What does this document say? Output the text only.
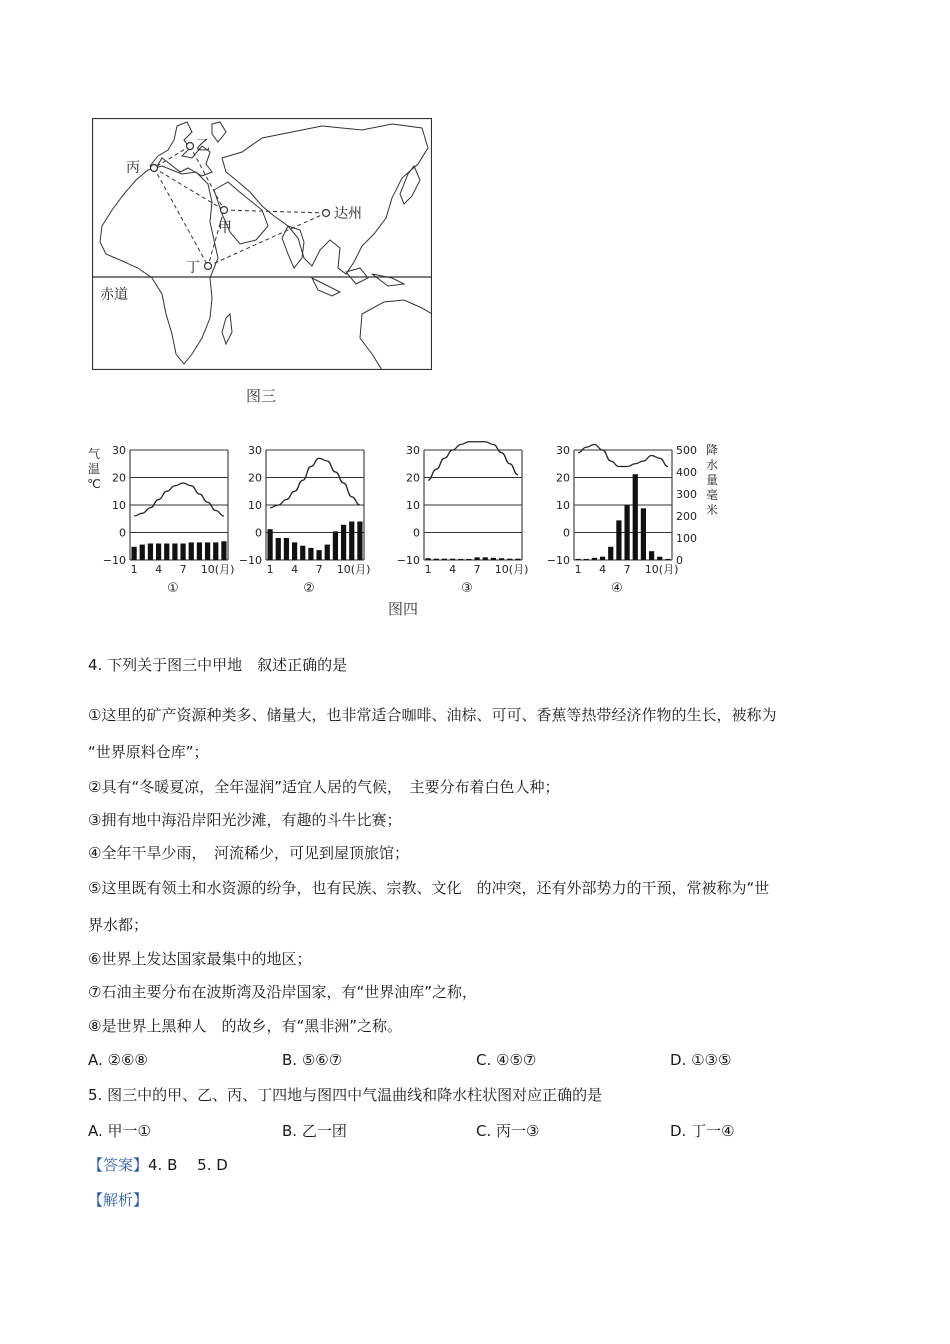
乙
丙
甲
丁
达州
赤道
图三
30
20
10
0
−10
1 4 7 10(月)
①
30
20
10
0
−10
1 4 7 10(月)
②
30
20
10
0
−10
1 4 7 10(月)
③
30
20
10
0
−10
1 4 7 10(月)
④
气
温
℃
500
400
300
200
100
0
降
水
量
毫
米
图四
4. 下列关于图三中甲地　叙述正确的是
①这里的矿产资源种类多、储量大，也非常适合咖啡、油棕、可可、香蕉等热带经济作物的生长，被称为
“世界原料仓库”；
②具有“冬暖夏凉，全年湿润”适宜人居的气候，　主要分布着白色人种；
③拥有地中海沿岸阳光沙滩，有趣的斗牛比赛；
④全年干旱少雨，　河流稀少，可见到屋顶旅馆；
⑤这里既有领土和水资源的纷争，也有民族、宗教、文化　的冲突，还有外部势力的干预，常被称为“世
界水都；
⑥世界上发达国家最集中的地区；
⑦石油主要分布在波斯湾及沿岸国家，有“世界油库”之称，
⑧是世界上黑种人　的故乡，有“黑非洲”之称。
A. ②⑥⑧	B. ⑤⑥⑦	C. ④⑤⑦	D. ①③⑤
5. 图三中的甲、乙、丙、丁四地与图四中气温曲线和降水柱状图对应正确的是
A. 甲一①	B. 乙一团	C. 丙一③	D. 丁一④
【答案】4. B　 5. D
【解析】
